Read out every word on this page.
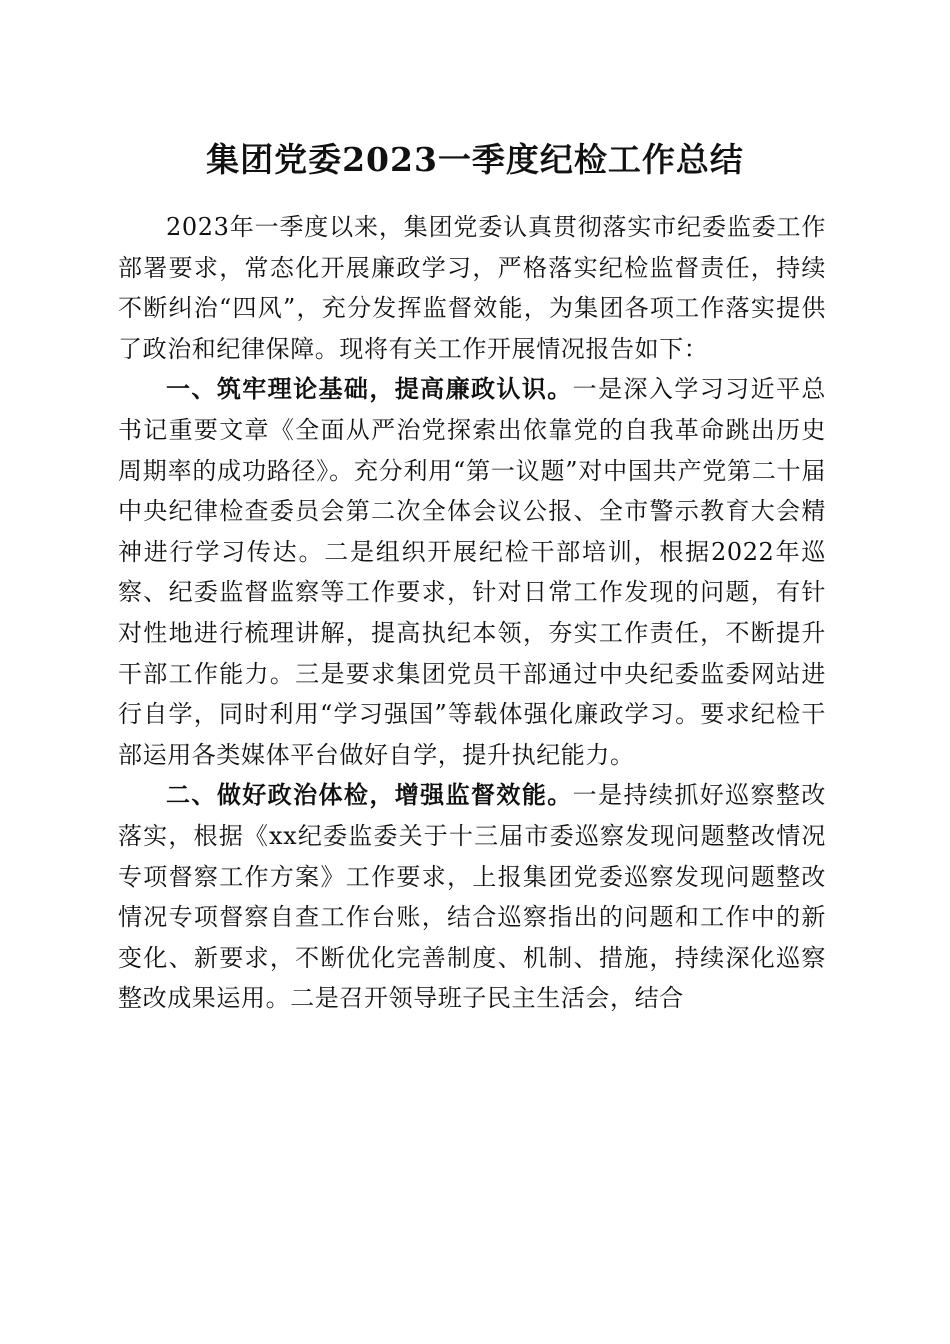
集团党委2023一季度纪检工作总结

2023年一季度以来，集团党委认真贯彻落实市纪委监委工作部署要求，常态化开展廉政学习，严格落实纪检监督责任，持续不断纠治“四风”，充分发挥监督效能，为集团各项工作落实提供了政治和纪律保障。现将有关工作开展情况报告如下：

一、筑牢理论基础，提高廉政认识。一是深入学习习近平总书记重要文章《全面从严治党探索出依靠党的自我革命跳出历史周期率的成功路径》。充分利用“第一议题”对中国共产党第二十届中央纪律检查委员会第二次全体会议公报、全市警示教育大会精神进行学习传达。二是组织开展纪检干部培训，根据2022年巡察、纪委监督监察等工作要求，针对日常工作发现的问题，有针对性地进行梳理讲解，提高执纪本领，夯实工作责任，不断提升干部工作能力。三是要求集团党员干部通过中央纪委监委网站进行自学，同时利用“学习强国”等载体强化廉政学习。要求纪检干部运用各类媒体平台做好自学，提升执纪能力。

二、做好政治体检，增强监督效能。一是持续抓好巡察整改落实，根据《xx纪委监委关于十三届市委巡察发现问题整改情况专项督察工作方案》工作要求，上报集团党委巡察发现问题整改情况专项督察自查工作台账，结合巡察指出的问题和工作中的新变化、新要求，不断优化完善制度、机制、措施，持续深化巡察整改成果运用。二是召开领导班子民主生活会，结合
